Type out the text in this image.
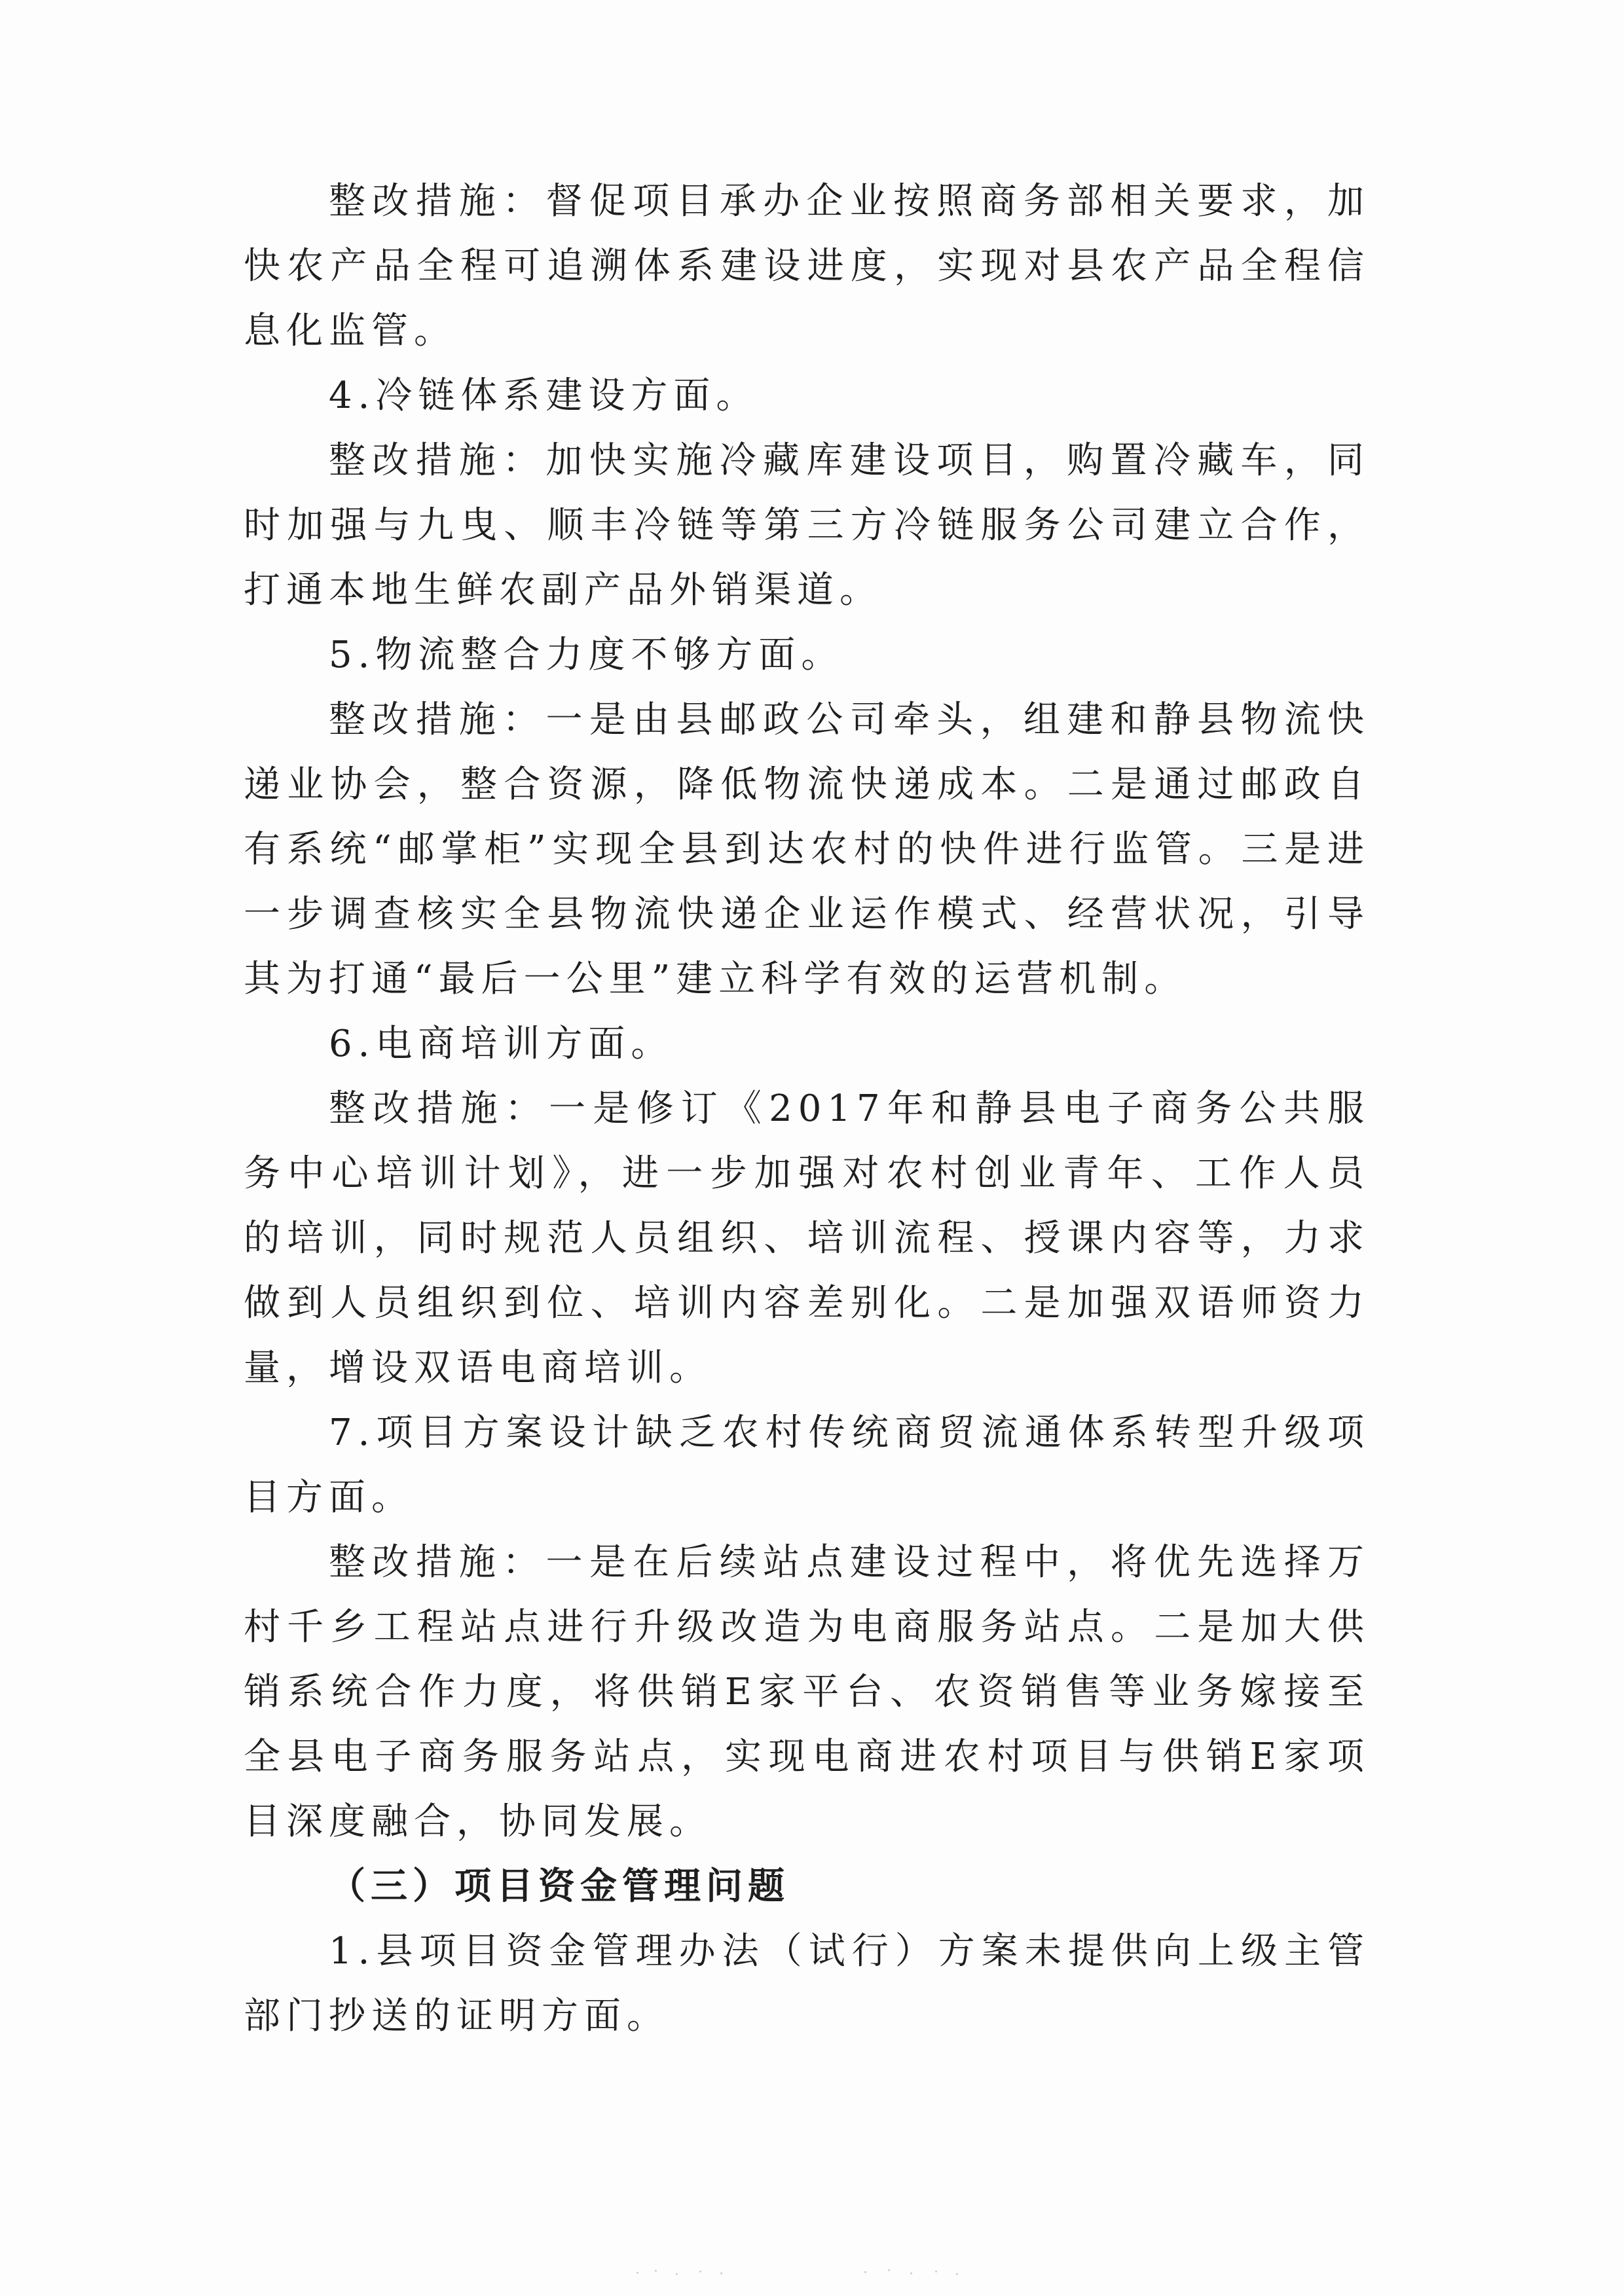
整改措施：督促项目承办企业按照商务部相关要求，加快农产品全程可追溯体系建设进度，实现对县农产品全程信息化监管。

4.冷链体系建设方面。

整改措施：加快实施冷藏库建设项目，购置冷藏车，同时加强与九曳、顺丰冷链等第三方冷链服务公司建立合作，打通本地生鲜农副产品外销渠道。

5.物流整合力度不够方面。

整改措施：一是由县邮政公司牵头，组建和静县物流快递业协会，整合资源，降低物流快递成本。二是通过邮政自有系统“邮掌柜”实现全县到达农村的快件进行监管。三是进一步调查核实全县物流快递企业运作模式、经营状况，引导其为打通“最后一公里”建立科学有效的运营机制。

6.电商培训方面。

整改措施：一是修订《2017年和静县电子商务公共服务中心培训计划》，进一步加强对农村创业青年、工作人员的培训，同时规范人员组织、培训流程、授课内容等，力求做到人员组织到位、培训内容差别化。二是加强双语师资力量，增设双语电商培训。

7.项目方案设计缺乏农村传统商贸流通体系转型升级项目方面。

整改措施：一是在后续站点建设过程中，将优先选择万村千乡工程站点进行升级改造为电商服务站点。二是加大供销系统合作力度，将供销E家平台、农资销售等业务嫁接至全县电子商务服务站点，实现电商进农村项目与供销E家项目深度融合，协同发展。

（三）项目资金管理问题

1.县项目资金管理办法（试行）方案未提供向上级主管部门抄送的证明方面。
